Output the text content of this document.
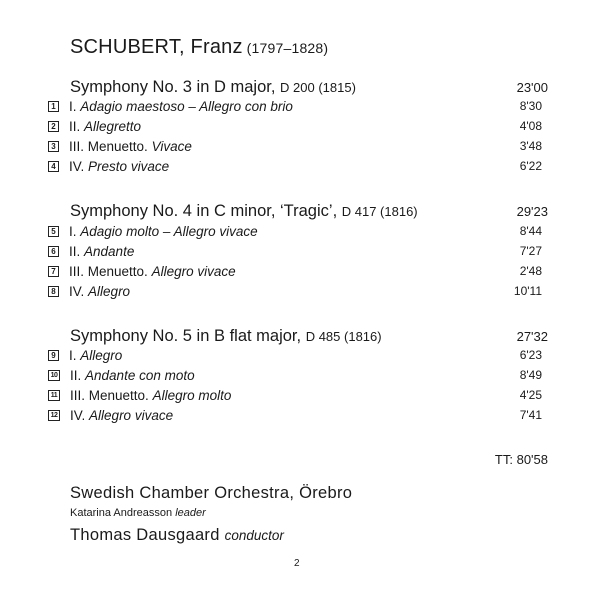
SCHUBERT, Franz (1797–1828)
Symphony No. 3 in D major, D 200 (1815)	23'00
1 I. Adagio maestoso – Allegro con brio	8'30
2 II. Allegretto	4'08
3 III. Menuetto. Vivace	3'48
4 IV. Presto vivace	6'22
Symphony No. 4 in C minor, ‘Tragic’, D 417 (1816)	29'23
5 I. Adagio molto – Allegro vivace	8'44
6 II. Andante	7'27
7 III. Menuetto. Allegro vivace	2'48
8 IV. Allegro	10'11
Symphony No. 5 in B flat major, D 485 (1816)	27'32
9 I. Allegro	6'23
10 II. Andante con moto	8'49
11 III. Menuetto. Allegro molto	4'25
12 IV. Allegro vivace	7'41
TT: 80'58
Swedish Chamber Orchestra, Örebro
Katarina Andreasson leader
Thomas Dausgaard conductor
2
